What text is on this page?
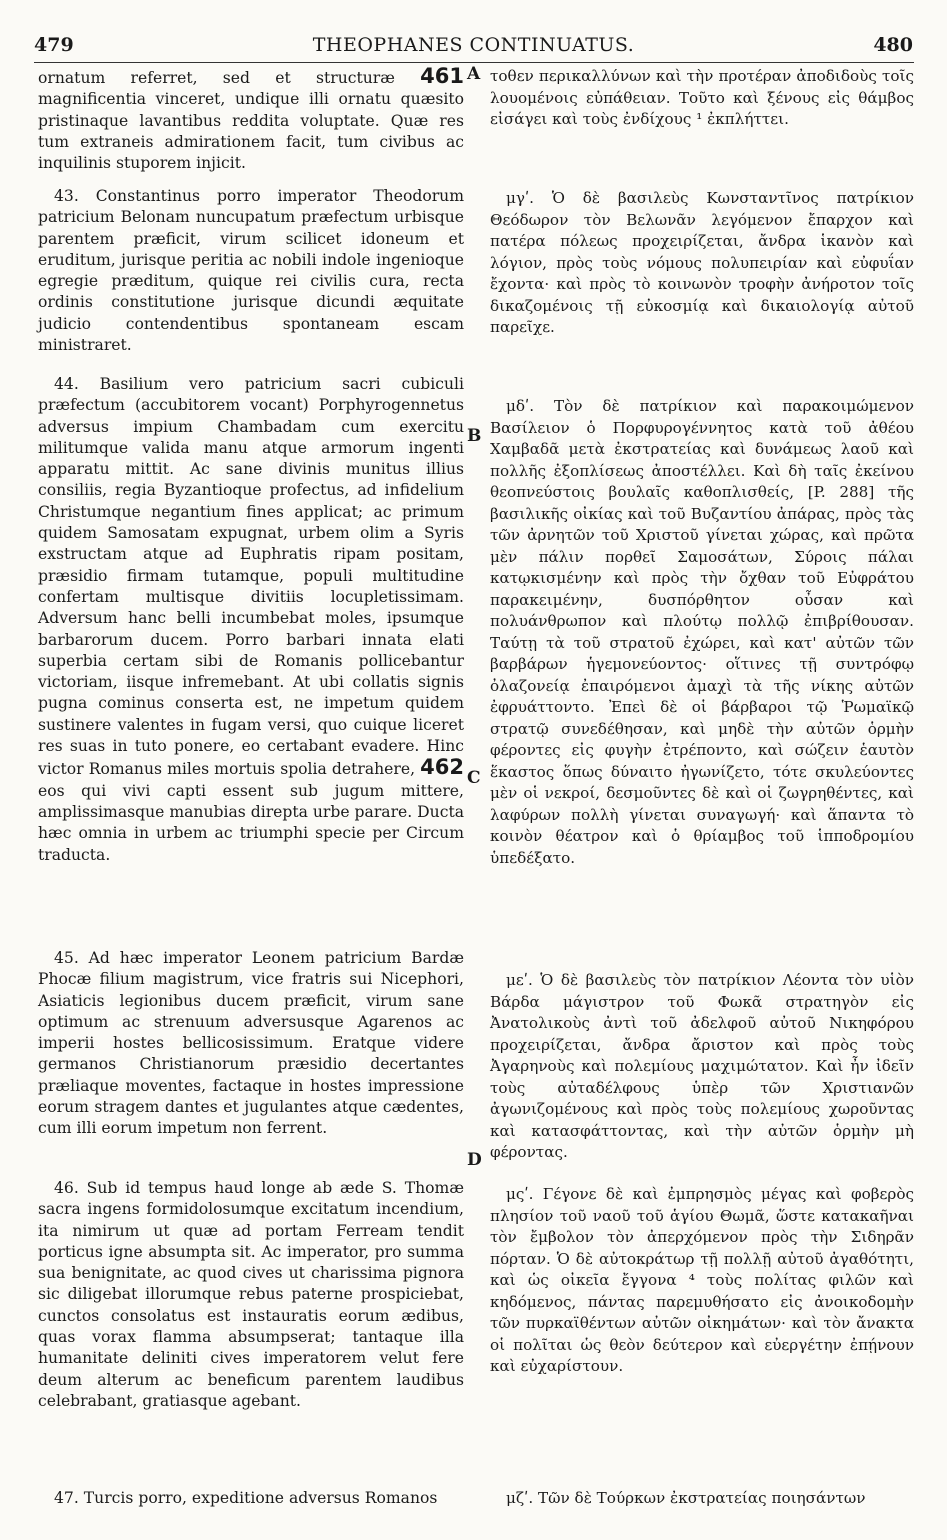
479	THEOPHANES CONTINUATUS.	480
A
B
C
D

ornatum referret, sed et structuræ 461 magnificentia vinceret, undique illi ornatu quæsito pristinaque lavantibus reddita voluptate. Quæ res tum extraneis admirationem facit, tum civibus ac inquilinis stuporem injicit.

43. Constantinus porro imperator Theodorum patricium Belonam nuncupatum præfectum urbisque parentem præficit, virum scilicet idoneum et eruditum, jurisque peritia ac nobili indole ingenioque egregie præditum, quique rei civilis cura, recta ordinis constitutione jurisque dicundi æquitate judicio contendentibus spontaneam escam ministraret.

44. Basilium vero patricium sacri cubiculi præfectum (accubitorem vocant) Porphyrogennetus adversus impium Chambadam cum exercitu militumque valida manu atque armorum ingenti apparatu mittit. Ac sane divinis munitus illius consiliis, regia Byzantioque profectus, ad infidelium Christumque negantium fines applicat; ac primum quidem Samosatam expugnat, urbem olim a Syris exstructam atque ad Euphratis ripam positam, præsidio firmam tutamque, populi multitudine confertam multisque divitiis locupletissimam. Adversum hanc belli incumbebat moles, ipsumque barbarorum ducem. Porro barbari innata elati superbia certam sibi de Romanis pollicebantur victoriam, iisque infremebant. At ubi collatis signis pugna cominus conserta est, ne impetum quidem sustinere valentes in fugam versi, quo cuique liceret res suas in tuto ponere, eo certabant evadere. Hinc victor Romanus miles mortuis spolia detrahere, 462 eos qui vivi capti essent sub jugum mittere, amplissimasque manubias direpta urbe parare. Ducta hæc omnia in urbem ac triumphi specie per Circum traducta.

45. Ad hæc imperator Leonem patricium Bardæ Phocæ filium magistrum, vice fratris sui Nicephori, Asiaticis legionibus ducem præficit, virum sane optimum ac strenuum adversusque Agarenos ac imperii hostes bellicosissimum. Eratque videre germanos Christianorum præsidio decertantes præliaque moventes, factaque in hostes impressione eorum stragem dantes et jugulantes atque cædentes, cum illi eorum impetum non ferrent.

46. Sub id tempus haud longe ab æde S. Thomæ sacra ingens formidolosumque excitatum incendium, ita nimirum ut quæ ad portam Ferream tendit porticus igne absumpta sit. Ac imperator, pro summa sua benignitate, ac quod cives ut charissima pignora sic diligebat illorumque rebus paterne prospiciebat, cunctos consolatus est instauratis eorum ædibus, quas vorax flamma absumpserat; tantaque illa humanitate deliniti cives imperatorem velut fere deum alterum ac beneficum parentem laudibus celebrabant, gratiasque agebant.

47. Turcis porro, expeditione adversus Romanos

τοθεν περικαλλύνων καὶ τὴν προτέραν ἀποδιδοὺς τοῖς λουομένοις εὐπάθειαν. Τοῦτο καὶ ξένους εἰς θάμβος εἰσάγει καὶ τοὺς ἐνδίχους ¹ ἐκπλήττει.

μγʹ. Ὁ δὲ βασιλεὺς Κωνσταντῖνος πατρίκιον Θεόδωρον τὸν Βελωνᾶν λεγόμενον ἔπαρχον καὶ πατέρα πόλεως προχειρίζεται, ἄνδρα ἱκανὸν καὶ λόγιον, πρὸς τοὺς νόμους πολυπειρίαν καὶ εὐφυΐαν ἔχοντα· καὶ πρὸς τὸ κοινωνὸν τροφὴν ἀνήροτον τοῖς δικαζομένοις τῇ εὐκοσμίᾳ καὶ δικαιολογίᾳ αὐτοῦ παρεῖχε.

μδʹ. Τὸν δὲ πατρίκιον καὶ παρακοιμώμενον Βασίλειον ὁ Πορφυρογέννητος κατὰ τοῦ ἀθέου Χαμβαδᾶ μετὰ ἐκστρατείας καὶ δυνάμεως λαοῦ καὶ πολλῆς ἐξοπλίσεως ἀποστέλλει. Καὶ δὴ ταῖς ἐκείνου θεοπνεύστοις βουλαῖς καθοπλισθείς, [P. 288] τῆς βασιλικῆς οἰκίας καὶ τοῦ Βυζαντίου ἀπάρας, πρὸς τὰς τῶν ἀρνητῶν τοῦ Χριστοῦ γίνεται χώρας, καὶ πρῶτα μὲν πάλιν πορθεῖ Σαμοσάτων, Σύροις πάλαι κατῳκισμένην καὶ πρὸς τὴν ὄχθαν τοῦ Εὐφράτου παρακειμένην, δυσπόρθητον οὖσαν καὶ πολυάνθρωπον καὶ πλούτῳ πολλῷ ἐπιβρίθουσαν. Ταύτῃ τὰ τοῦ στρατοῦ ἐχώρει, καὶ κατ' αὐτῶν τῶν βαρβάρων ἡγεμονεύοντος· οἵτινες τῇ συντρόφῳ ὀλαζονείᾳ ἐπαιρόμενοι ἀμαχὶ τὰ τῆς νίκης αὐτῶν ἐφρυάττοντο. Ἐπεὶ δὲ οἱ βάρβαροι τῷ Ῥωμαϊκῷ στρατῷ συνεδέθησαν, καὶ μηδὲ τὴν αὐτῶν ὁρμὴν φέροντες εἰς φυγὴν ἐτρέποντο, καὶ σώζειν ἑαυτὸν ἕκαστος ὅπως δύναιτο ἠγωνίζετο, τότε σκυλεύοντες μὲν οἱ νεκροί, δεσμοῦντες δὲ καὶ οἱ ζωγρηθέντες, καὶ λαφύρων πολλὴ γίνεται συναγωγή· καὶ ἅπαντα τὸ κοινὸν θέατρον καὶ ὁ θρίαμβος τοῦ ἱπποδρομίου ὑπεδέξατο.

μεʹ. Ὁ δὲ βασιλεὺς τὸν πατρίκιον Λέοντα τὸν υἱὸν Βάρδα μάγιστρον τοῦ Φωκᾶ στρατηγὸν εἰς Ἀνατολικοὺς ἀντὶ τοῦ ἀδελφοῦ αὐτοῦ Νικηφόρου προχειρίζεται, ἄνδρα ἄριστον καὶ πρὸς τοὺς Ἀγαρηνοὺς καὶ πολεμίους μαχιμώτατον. Καὶ ἦν ἰδεῖν τοὺς αὐταδέλφους ὑπὲρ τῶν Χριστιανῶν ἀγωνιζομένους καὶ πρὸς τοὺς πολεμίους χωροῦντας καὶ κατασφάττοντας, καὶ τὴν αὐτῶν ὁρμὴν μὴ φέροντας.

μςʹ. Γέγονε δὲ καὶ ἐμπρησμὸς μέγας καὶ φοβερὸς πλησίον τοῦ ναοῦ τοῦ ἁγίου Θωμᾶ, ὥστε κατακαῆναι τὸν ἔμβολον τὸν ἀπερχόμενον πρὸς τὴν Σιδηρᾶν πόρταν. Ὁ δὲ αὐτοκράτωρ τῇ πολλῇ αὐτοῦ ἀγαθότητι, καὶ ὡς οἰκεῖα ἔγγονα ⁴ τοὺς πολίτας φιλῶν καὶ κηδόμενος, πάντας παρεμυθήσατο εἰς ἀνοικοδομὴν τῶν πυρκαϊθέντων αὐτῶν οἰκημάτων· καὶ τὸν ἄνακτα οἱ πολῖται ὡς θεὸν δεύτερον καὶ εὐεργέτην ἐπῄνουν καὶ εὐχαρίστουν.

μζʹ. Τῶν δὲ Τούρκων ἐκστρατείας ποιησάντων
